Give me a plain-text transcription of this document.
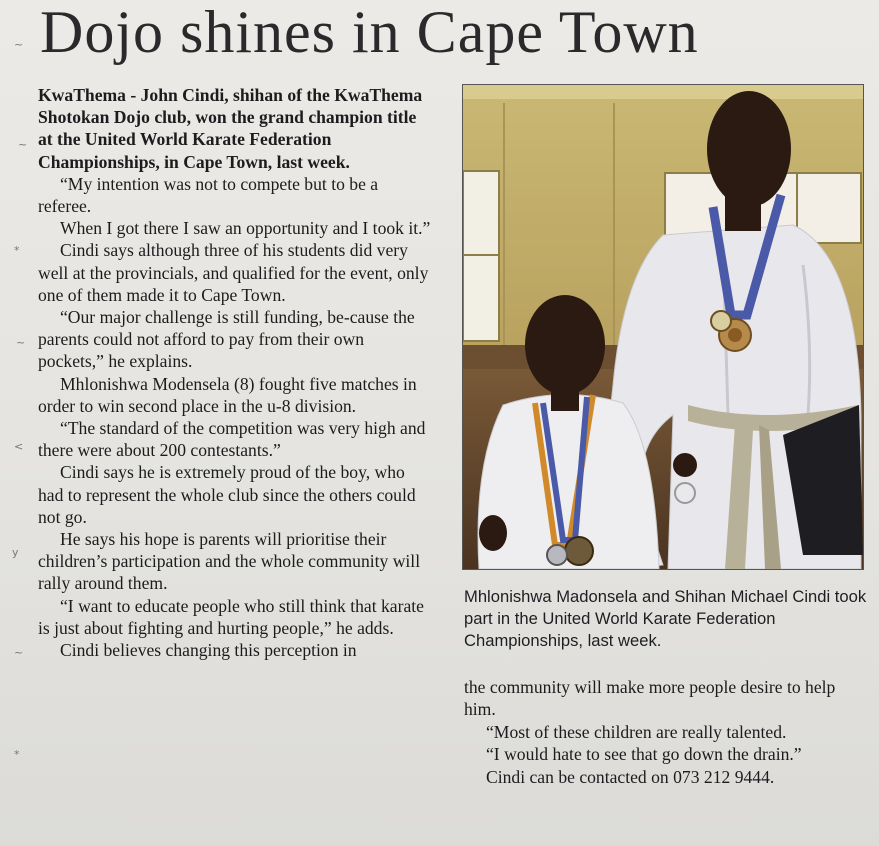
Dojo shines in Cape Town

KwaThema - John Cindi, shihan of the KwaThema Shotokan Dojo club, won the grand champion title at the United World Karate Federation Championships, in Cape Town, last week.

“My intention was not to compete but to be a referee.

When I got there I saw an opportunity and I took it.”

Cindi says although three of his students did very well at the provincials, and qualified for the event, only one of them made it to Cape Town.

“Our major challenge is still funding, be-cause the parents could not afford to pay from their own pockets,” he explains.

Mhlonishwa Modensela (8) fought five matches in order to win second place in the u-8 division.

“The standard of the competition was very high and there were about 200 contestants.”

Cindi says he is extremely proud of the boy, who had to represent the whole club since the others could not go.

He says his hope is parents will prioritise their children’s participation and the whole community will rally around them.

“I want to educate people who still think that karate is just about fighting and hurting people,” he adds.

Cindi believes changing this perception in

Mhlonishwa Madonsela and Shihan Michael Cindi took part in the United World Karate Federation Championships, last week.

the community will make more people desire to help him.

“Most of these children are really talented.

“I would hate to see that go down the drain.”

Cindi can be contacted on 073 212 9444.

~
~
*
~
<
y
~
*
